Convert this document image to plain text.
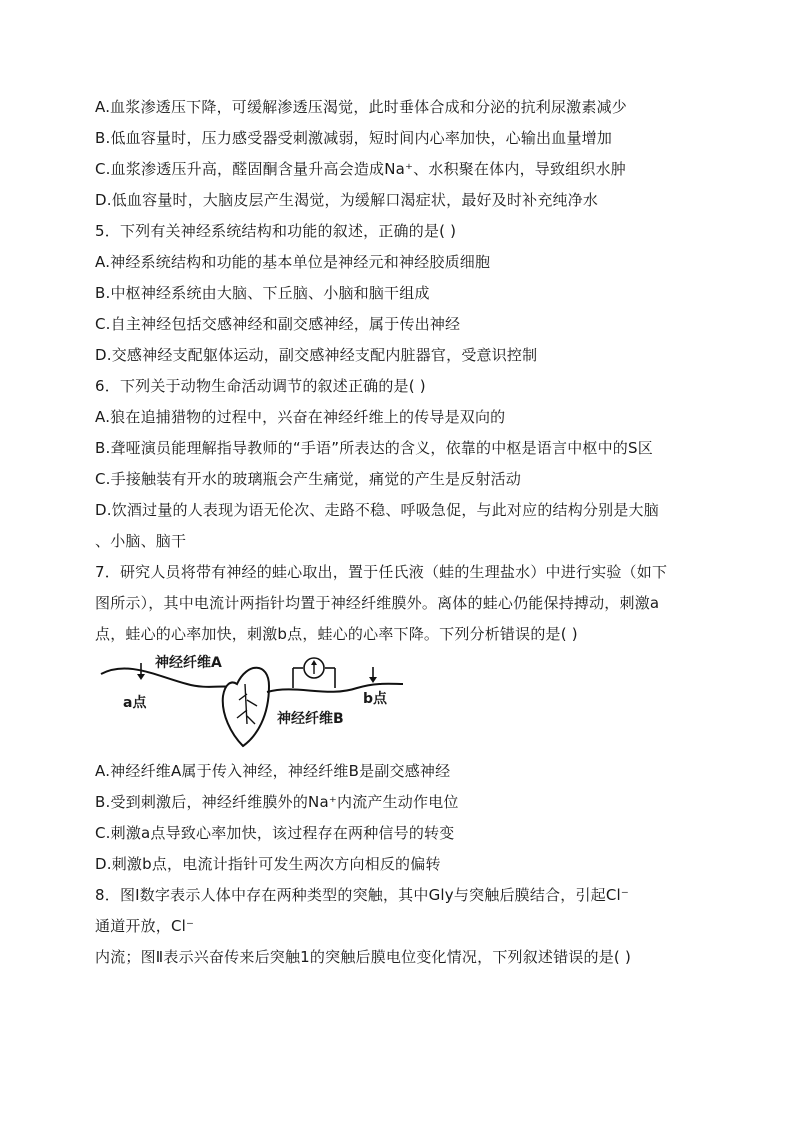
A.血浆渗透压下降，可缓解渗透压渴觉，此时垂体合成和分泌的抗利尿激素减少
B.低血容量时，压力感受器受刺激减弱，短时间内心率加快，心输出血量增加
C.血浆渗透压升高，醛固酮含量升高会造成Na⁺、水积聚在体内，导致组织水肿
D.低血容量时，大脑皮层产生渴觉，为缓解口渴症状，最好及时补充纯净水
5．下列有关神经系统结构和功能的叙述，正确的是( )
A.神经系统结构和功能的基本单位是神经元和神经胶质细胞
B.中枢神经系统由大脑、下丘脑、小脑和脑干组成
C.自主神经包括交感神经和副交感神经，属于传出神经
D.交感神经支配躯体运动，副交感神经支配内脏器官，受意识控制
6．下列关于动物生命活动调节的叙述正确的是( )
A.狼在追捕猎物的过程中，兴奋在神经纤维上的传导是双向的
B.聋哑演员能理解指导教师的“手语”所表达的含义，依靠的中枢是语言中枢中的S区
C.手接触装有开水的玻璃瓶会产生痛觉，痛觉的产生是反射活动
D.饮酒过量的人表现为语无伦次、走路不稳、呼吸急促，与此对应的结构分别是大脑
、小脑、脑干
7．研究人员将带有神经的蛙心取出，置于任氏液（蛙的生理盐水）中进行实验（如下
图所示），其中电流计两指针均置于神经纤维膜外。离体的蛙心仍能保持搏动，刺激a
点，蛙心的心率加快，刺激b点，蛙心的心率下降。下列分析错误的是( )
神经纤维A
a点	b点
神经纤维B
A.神经纤维A属于传入神经，神经纤维B是副交感神经
B.受到刺激后，神经纤维膜外的Na⁺内流产生动作电位
C.刺激a点导致心率加快，该过程存在两种信号的转变
D.刺激b点，电流计指针可发生两次方向相反的偏转
8．图Ⅰ数字表示人体中存在两种类型的突触，其中Gly与突触后膜结合，引起Cl⁻
通道开放，Cl⁻
内流；图Ⅱ表示兴奋传来后突触1的突触后膜电位变化情况，下列叙述错误的是( )
